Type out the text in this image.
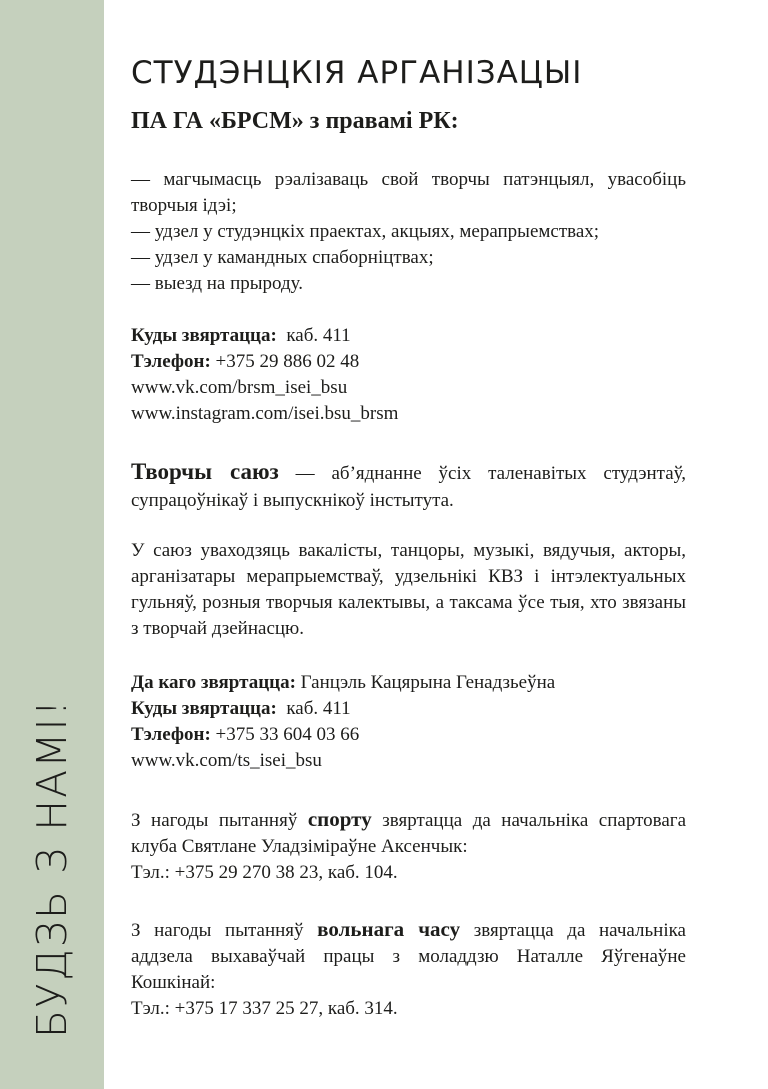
БУДЗЬ З НАМІ!
СТУДЭНЦКІЯ АРГАНІЗАЦЫІ
ПА ГА «БРСМ» з правамі РК:
— магчымасць рэалізаваць свой творчы патэнцыял, увасобіць творчыя ідэі;
— удзел у студэнцкіх праектах, акцыях, мерапрыемствах;
— удзел у камандных спаборніцтвах;
— выезд на прыроду.
Куды звяртацца: каб. 411
Тэлефон: +375 29 886 02 48
www.vk.com/brsm_isei_bsu
www.instagram.com/isei.bsu_brsm
Творчы саюз — аб’яднанне ўсіх таленавітых студэнтаў, супрацоўнікаў і выпускнікоў інстытута.
У саюз уваходзяць вакалісты, танцоры, музыкі, вядучыя, акторы, арганізатары мерапрыемстваў, удзельнікі КВЗ і інтэлектуальных гульняў, розныя творчыя калектывы, а таксама ўсе тыя, хто звязаны з творчай дзейнасцю.
Да каго звяртацца: Ганцэль Кацярына Генадзьеўна
Куды звяртацца: каб. 411
Тэлефон: +375 33 604 03 66
www.vk.com/ts_isei_bsu
З нагоды пытанняў спорту звяртацца да начальніка спартовага клуба Святлане Уладзіміраўне Аксенчык:
Тэл.: +375 29 270 38 23, каб. 104.
З нагоды пытанняў вольнага часу звяртацца да начальніка аддзела выхаваўчай працы з моладдзю Наталле Яўгенаўне Кошкінай:
Тэл.: +375 17 337 25 27, каб. 314.
